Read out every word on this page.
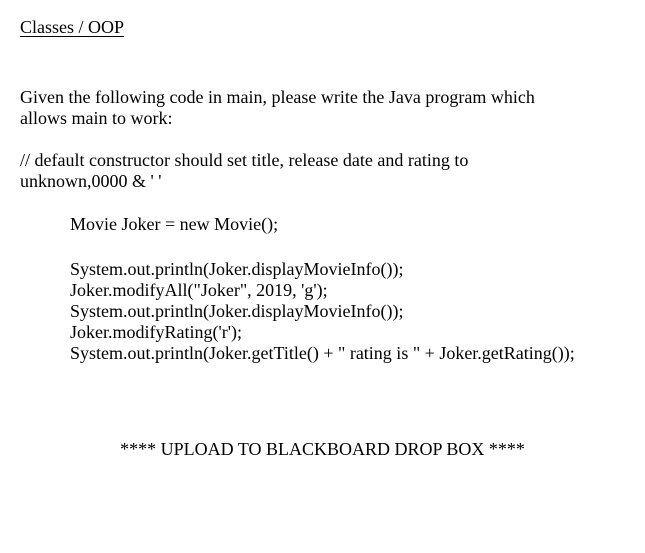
Classes / OOP
Given the following code in main, please write the Java program which
allows main to work:
// default constructor should set title, release date and rating to
unknown,0000 & ' '
Movie Joker = new Movie();
System.out.println(Joker.displayMovieInfo());
Joker.modifyAll("Joker", 2019, 'g');
System.out.println(Joker.displayMovieInfo());
Joker.modifyRating('r');
System.out.println(Joker.getTitle() + " rating is " + Joker.getRating());
**** UPLOAD TO BLACKBOARD DROP BOX ****
